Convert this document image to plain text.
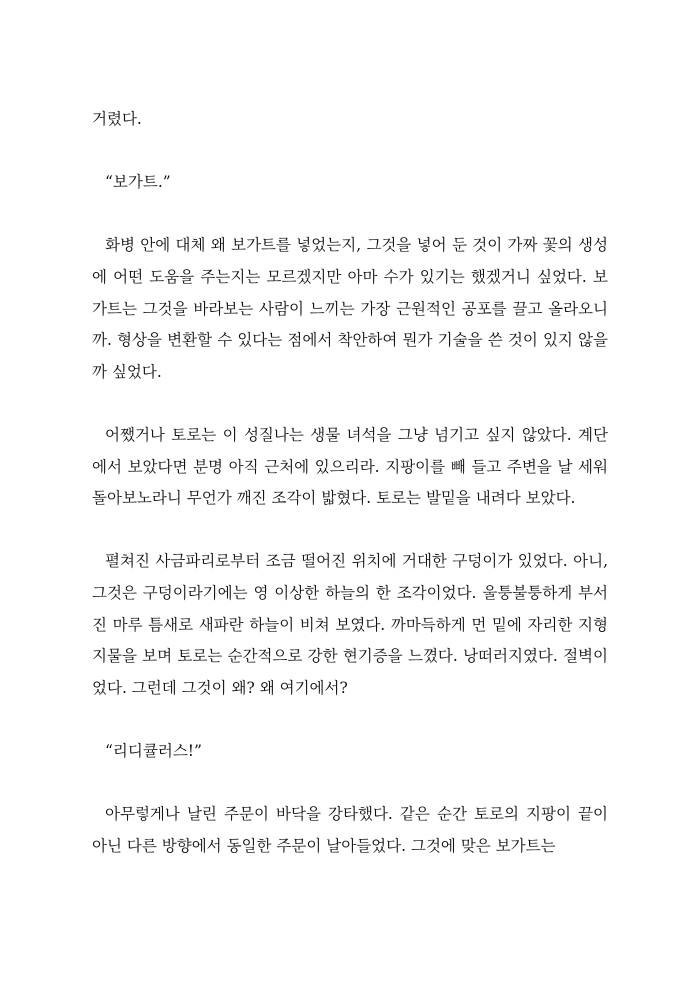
거렸다.

“보가트.”

화병 안에 대체 왜 보가트를 넣었는지, 그것을 넣어 둔 것이 가짜 꽃의 생성에 어떤 도움을 주는지는 모르겠지만 아마 수가 있기는 했겠거니 싶었다. 보가트는 그것을 바라보는 사람이 느끼는 가장 근원적인 공포를 끌고 올라오니까. 형상을 변환할 수 있다는 점에서 착안하여 뭔가 기술을 쓴 것이 있지 않을까 싶었다.

어쨌거나 토로는 이 성질나는 생물 녀석을 그냥 넘기고 싶지 않았다. 계단에서 보았다면 분명 아직 근처에 있으리라. 지팡이를 빼 들고 주변을 날 세워 돌아보노라니 무언가 깨진 조각이 밟혔다. 토로는 발밑을 내려다 보았다.

펼쳐진 사금파리로부터 조금 떨어진 위치에 거대한 구덩이가 있었다. 아니, 그것은 구덩이라기에는 영 이상한 하늘의 한 조각이었다. 울퉁불퉁하게 부서진 마루 틈새로 새파란 하늘이 비쳐 보였다. 까마득하게 먼 밑에 자리한 지형지물을 보며 토로는 순간적으로 강한 현기증을 느꼈다. 낭떠러지였다. 절벽이었다. 그런데 그것이 왜? 왜 여기에서?

“리디큘러스!”

아무렇게나 날린 주문이 바닥을 강타했다. 같은 순간 토로의 지팡이 끝이 아닌 다른 방향에서 동일한 주문이 날아들었다. 그것에 맞은 보가트는
